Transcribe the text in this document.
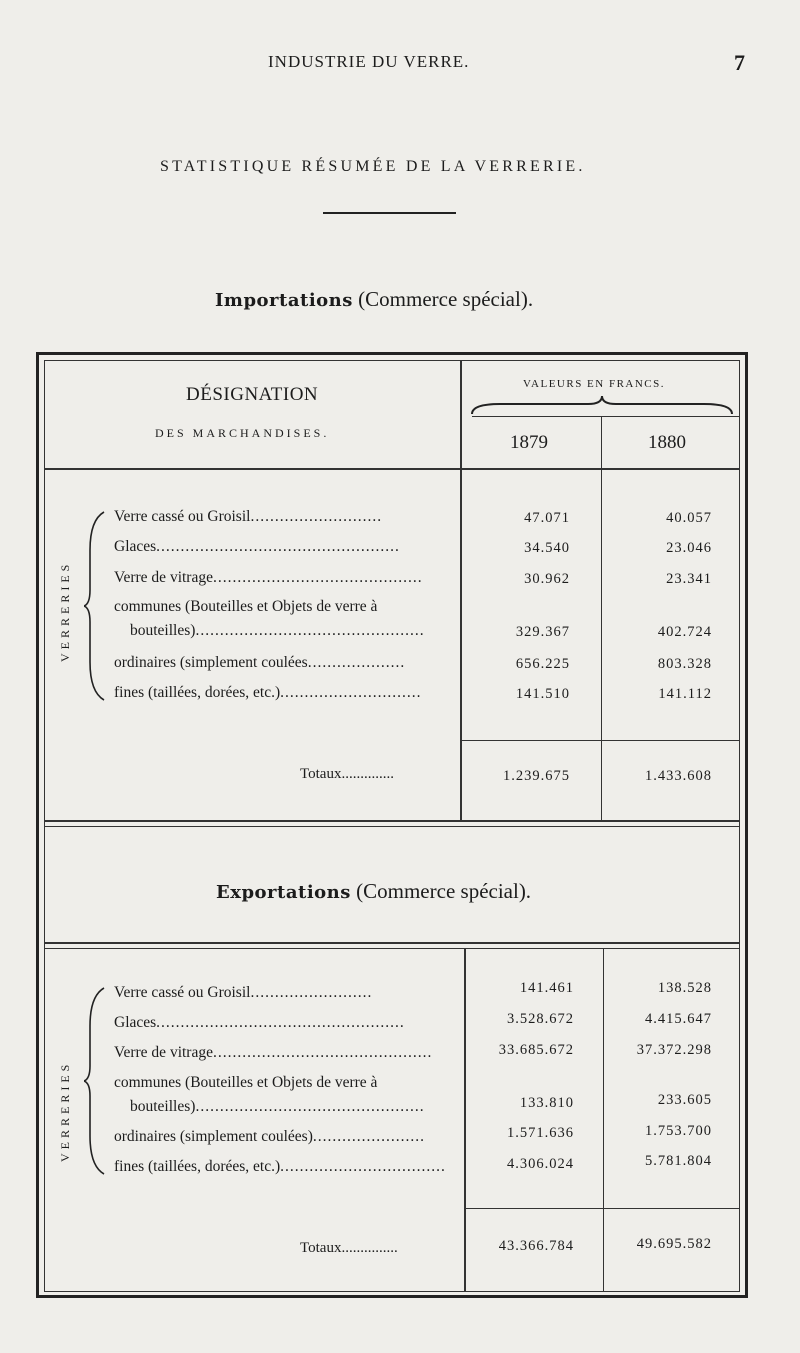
INDUSTRIE DU VERRE.	7
STATISTIQUE RÉSUMÉE DE LA VERRERIE.
Importations (Commerce spécial).
DÉSIGNATION
DES MARCHANDISES.
VALEURS EN FRANCS.
1879	1880
VERRERIES
Verre cassé ou Groisil...........................	47.071	40.057
Glaces..................................................	34.540	23.046
Verre de vitrage...........................................	30.962	23.341
communes (Bouteilles et Objets de verre à
bouteilles)...............................................	329.367	402.724
ordinaires (simplement coulées....................	656.225	803.328
fines (taillées, dorées, etc.).............................	141.510	141.112
Totaux..............	1.239.675	1.433.608
Exportations (Commerce spécial).
VERRERIES
Verre cassé ou Groisil.........................	141.461	138.528
Glaces...................................................	3.528.672	4.415.647
Verre de vitrage.............................................	33.685.672	37.372.298
communes (Bouteilles et Objets de verre à
bouteilles)...............................................	133.810	233.605
ordinaires (simplement coulées).......................	1.571.636	1.753.700
fines (taillées, dorées, etc.)..................................	4.306.024	5.781.804
Totaux...............	43.366.784	49.695.582
